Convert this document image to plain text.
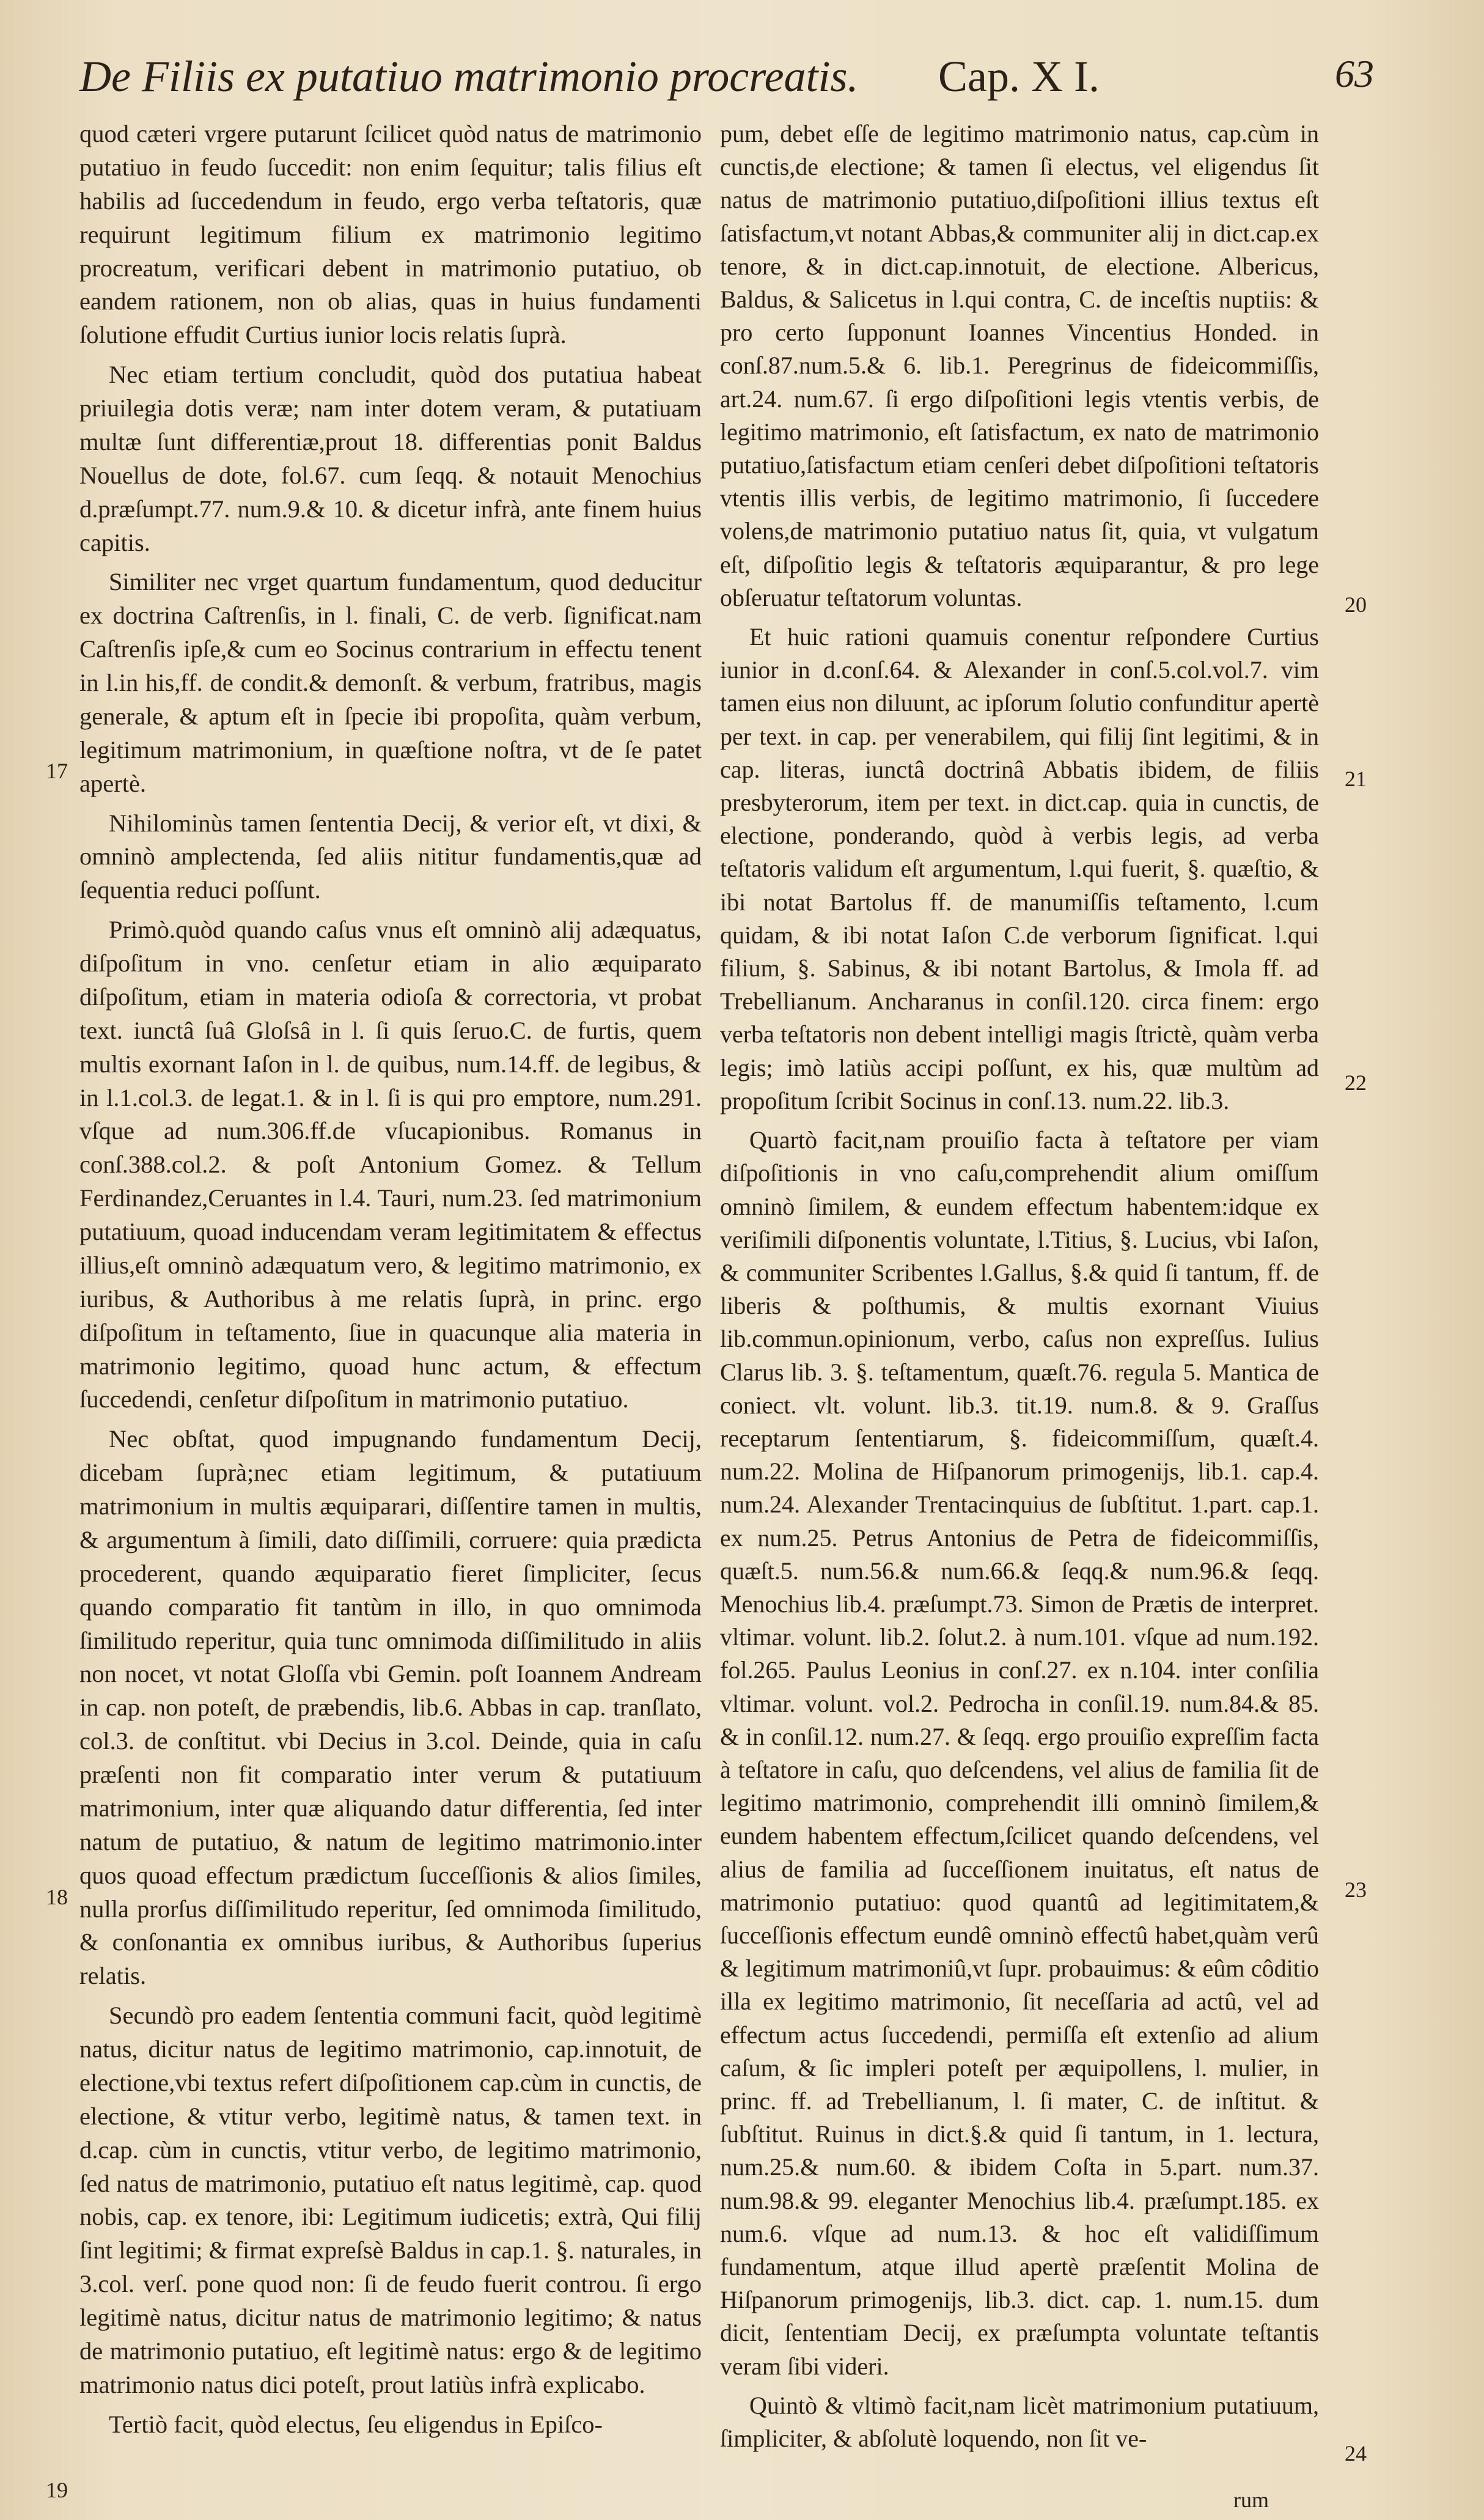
De Filiis ex putatiuo matrimonio procreatis. Cap. X I.	63

quod cæteri vrgere putarunt ſcilicet quòd natus de matrimonio putatiuo in feudo ſuccedit: non enim ſequitur; talis filius eſt habilis ad ſuccedendum in feudo, ergo verba teſtatoris, quæ requirunt legitimum filium ex matrimonio legitimo procreatum, verificari debent in matrimonio putatiuo, ob eandem rationem, non ob alias, quas in huius fundamenti ſolutione effudit Curtius iunior locis relatis ſuprà.

Nec etiam tertium concludit, quòd dos putatiua habeat priuilegia dotis veræ; nam inter dotem veram, & putatiuam multæ ſunt differentiæ,prout 18. differentias ponit Baldus Nouellus de dote, fol.67. cum ſeqq. & notauit Menochius d.præſumpt.77. num.9.& 10. & dicetur infrà, ante finem huius capitis.

Similiter nec vrget quartum fundamentum, quod deducitur ex doctrina Caſtrenſis, in l. finali, C. de verb. ſignificat.nam Caſtrenſis ipſe,& cum eo Socinus contrarium in effectu tenent in l.in his,ff. de condit.& demonſt. & verbum, fratribus, magis generale, & aptum eſt in ſpecie ibi propoſita, quàm verbum, legitimum matrimonium, in quæſtione noſtra, vt de ſe patet apertè.

Nihilominùs tamen ſententia Decij, & verior eſt, vt dixi, & omninò amplectenda, ſed aliis nititur fundamentis,quæ ad ſequentia reduci poſſunt.

Primò.quòd quando caſus vnus eſt omninò alij adæquatus, diſpoſitum in vno. cenſetur etiam in alio æquiparato diſpoſitum, etiam in materia odioſa & correctoria, vt probat text. iunctâ ſuâ Gloſsâ in l. ſi quis ſeruo.C. de furtis, quem multis exornant Iaſon in l. de quibus, num.14.ff. de legibus, & in l.1.col.3. de legat.1. & in l. ſi is qui pro emptore, num.291. vſque ad num.306.ff.de vſucapionibus. Romanus in conſ.388.col.2. & poſt Antonium Gomez. & Tellum Ferdinandez,Ceruantes in l.4. Tauri, num.23. ſed matrimonium putatiuum, quoad inducendam veram legitimitatem & effectus illius,eſt omninò adæquatum vero, & legitimo matrimonio, ex iuribus, & Authoribus à me relatis ſuprà, in princ. ergo diſpoſitum in teſtamento, ſiue in quacunque alia materia in matrimonio legitimo, quoad hunc actum, & effectum ſuccedendi, cenſetur diſpoſitum in matrimonio putatiuo.

Nec obſtat, quod impugnando fundamentum Decij, dicebam ſuprà;nec etiam legitimum, & putatiuum matrimonium in multis æquiparari, diſſentire tamen in multis, & argumentum à ſimili, dato diſſimili, corruere: quia prædicta procederent, quando æquiparatio fieret ſimpliciter, ſecus quando comparatio fit tantùm in illo, in quo omnimoda ſimilitudo reperitur, quia tunc omnimoda diſſimilitudo in aliis non nocet, vt notat Gloſſa vbi Gemin. poſt Ioannem Andream in cap. non poteſt, de præbendis, lib.6. Abbas in cap. tranſlato, col.3. de conſtitut. vbi Decius in 3.col. Deinde, quia in caſu præſenti non fit comparatio inter verum & putatiuum matrimonium, inter quæ aliquando datur differentia, ſed inter natum de putatiuo, & natum de legitimo matrimonio.inter quos quoad effectum prædictum ſucceſſionis & alios ſimiles, nulla prorſus diſſimilitudo reperitur, ſed omnimoda ſimilitudo, & conſonantia ex omnibus iuribus, & Authoribus ſuperius relatis.

Secundò pro eadem ſententia communi facit, quòd legitimè natus, dicitur natus de legitimo matrimonio, cap.innotuit, de electione,vbi textus refert diſpoſitionem cap.cùm in cunctis, de electione, & vtitur verbo, legitimè natus, & tamen text. in d.cap. cùm in cunctis, vtitur verbo, de legitimo matrimonio, ſed natus de matrimonio, putatiuo eſt natus legitimè, cap. quod nobis, cap. ex tenore, ibi: Legitimum iudicetis; extrà, Qui filij ſint legitimi; & firmat expreſsè Baldus in cap.1. §. naturales, in 3.col. verſ. pone quod non: ſi de feudo fuerit controu. ſi ergo legitimè natus, dicitur natus de matrimonio legitimo; & natus de matrimonio putatiuo, eſt legitimè natus: ergo & de legitimo matrimonio natus dici poteſt, prout latiùs infrà explicabo.

Tertiò facit, quòd electus, ſeu eligendus in Epiſco-

pum, debet eſſe de legitimo matrimonio natus, cap.cùm in cunctis,de electione; & tamen ſi electus, vel eligendus ſit natus de matrimonio putatiuo,diſpoſitioni illius textus eſt ſatisfactum,vt notant Abbas,& communiter alij in dict.cap.ex tenore, & in dict.cap.innotuit, de electione. Albericus, Baldus, & Salicetus in l.qui contra, C. de inceſtis nuptiis: & pro certo ſupponunt Ioannes Vincentius Honded. in conſ.87.num.5.& 6. lib.1. Peregrinus de fideicommiſſis, art.24. num.67. ſi ergo diſpoſitioni legis vtentis verbis, de legitimo matrimonio, eſt ſatisfactum, ex nato de matrimonio putatiuo,ſatisfactum etiam cenſeri debet diſpoſitioni teſtatoris vtentis illis verbis, de legitimo matrimonio, ſi ſuccedere volens,de matrimonio putatiuo natus ſit, quia, vt vulgatum eſt, diſpoſitio legis & teſtatoris æquiparantur, & pro lege obſeruatur teſtatorum voluntas.

Et huic rationi quamuis conentur reſpondere Curtius iunior in d.conſ.64. & Alexander in conſ.5.col.vol.7. vim tamen eius non diluunt, ac ipſorum ſolutio confunditur apertè per text. in cap. per venerabilem, qui filij ſint legitimi, & in cap. literas, iunctâ doctrinâ Abbatis ibidem, de filiis presbyterorum, item per text. in dict.cap. quia in cunctis, de electione, ponderando, quòd à verbis legis, ad verba teſtatoris validum eſt argumentum, l.qui fuerit, §. quæſtio, & ibi notat Bartolus ff. de manumiſſis teſtamento, l.cum quidam, & ibi notat Iaſon C.de verborum ſignificat. l.qui filium, §. Sabinus, & ibi notant Bartolus, & Imola ff. ad Trebellianum. Ancharanus in conſil.120. circa finem: ergo verba teſtatoris non debent intelligi magis ſtrictè, quàm verba legis; imò latiùs accipi poſſunt, ex his, quæ multùm ad propoſitum ſcribit Socinus in conſ.13. num.22. lib.3.

Quartò facit,nam prouiſio facta à teſtatore per viam diſpoſitionis in vno caſu,comprehendit alium omiſſum omninò ſimilem, & eundem effectum habentem:idque ex veriſimili diſponentis voluntate, l.Titius, §. Lucius, vbi Iaſon, & communiter Scribentes l.Gallus, §.& quid ſi tantum, ff. de liberis & poſthumis, & multis exornant Viuius lib.commun.opinionum, verbo, caſus non expreſſus. Iulius Clarus lib. 3. §. teſtamentum, quæſt.76. regula 5. Mantica de coniect. vlt. volunt. lib.3. tit.19. num.8. & 9. Graſſus receptarum ſententiarum, §. fideicommiſſum, quæſt.4. num.22. Molina de Hiſpanorum primogenijs, lib.1. cap.4. num.24. Alexander Trentacinquius de ſubſtitut. 1.part. cap.1. ex num.25. Petrus Antonius de Petra de fideicommiſſis, quæſt.5. num.56.& num.66.& ſeqq.& num.96.& ſeqq. Menochius lib.4. præſumpt.73. Simon de Prætis de interpret. vltimar. volunt. lib.2. ſolut.2. à num.101. vſque ad num.192. fol.265. Paulus Leonius in conſ.27. ex n.104. inter conſilia vltimar. volunt. vol.2. Pedrocha in conſil.19. num.84.& 85. & in conſil.12. num.27. & ſeqq. ergo prouiſio expreſſim facta à teſtatore in caſu, quo deſcendens, vel alius de familia ſit de legitimo matrimonio, comprehendit illi omninò ſimilem,& eundem habentem effectum,ſcilicet quando deſcendens, vel alius de familia ad ſucceſſionem inuitatus, eſt natus de matrimonio putatiuo: quod quantû ad legitimitatem,& ſucceſſionis effectum eundê omninò effectû habet,quàm verû & legitimum matrimoniû,vt ſupr. probauimus: & eûm côditio illa ex legitimo matrimonio, ſit neceſſaria ad actû, vel ad effectum actus ſuccedendi, permiſſa eſt extenſio ad alium caſum, & ſic impleri poteſt per æquipollens, l. mulier, in princ. ff. ad Trebellianum, l. ſi mater, C. de inſtitut. & ſubſtitut. Ruinus in dict.§.& quid ſi tantum, in 1. lectura, num.25.& num.60. & ibidem Coſta in 5.part. num.37. num.98.& 99. eleganter Menochius lib.4. præſumpt.185. ex num.6. vſque ad num.13. & hoc eſt validiſſimum fundamentum, atque illud apertè præſentit Molina de Hiſpanorum primogenijs, lib.3. dict. cap. 1. num.15. dum dicit, ſententiam Decij, ex præſumpta voluntate teſtantis veram ſibi videri.

Quintò & vltimò facit,nam licèt matrimonium putatiuum, ſimpliciter, & abſolutè loquendo, non ſit ve-

17
18
19
20
21
22
23
24
rum
